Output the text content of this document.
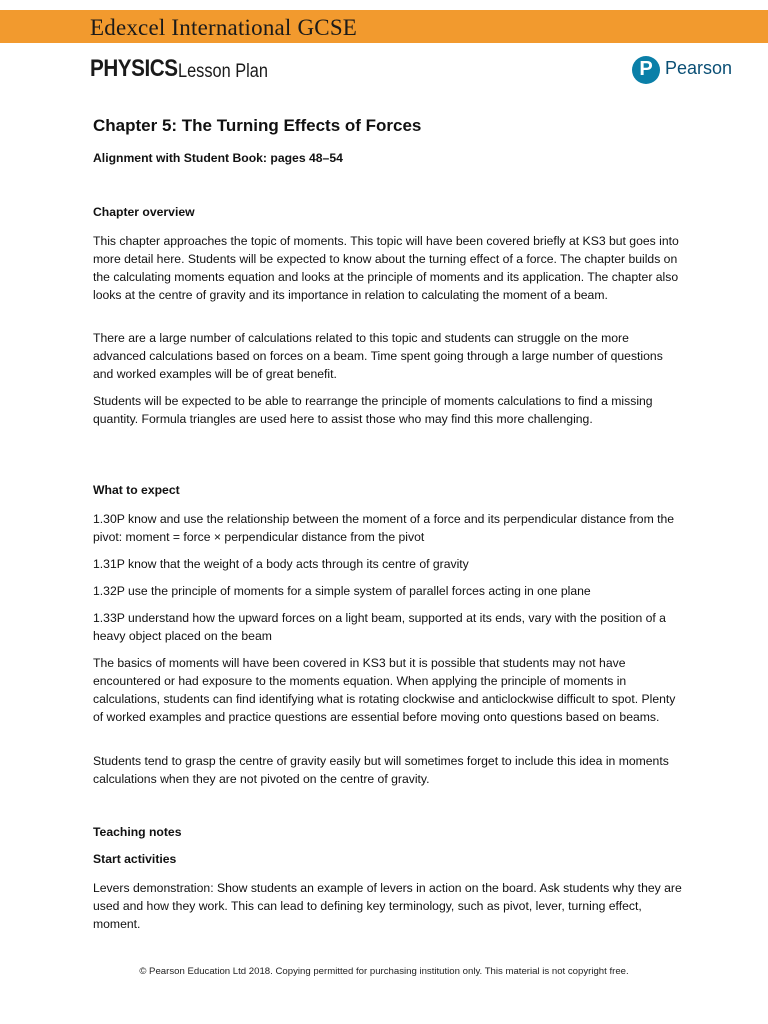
Edexcel International GCSE
PHYSICS Lesson Plan	P Pearson
Chapter 5: The Turning Effects of Forces
Alignment with Student Book: pages 48–54
Chapter overview
This chapter approaches the topic of moments. This topic will have been covered briefly at KS3 but goes into more detail here. Students will be expected to know about the turning effect of a force. The chapter builds on the calculating moments equation and looks at the principle of moments and its application. The chapter also looks at the centre of gravity and its importance in relation to calculating the moment of a beam.
There are a large number of calculations related to this topic and students can struggle on the more advanced calculations based on forces on a beam. Time spent going through a large number of questions and worked examples will be of great benefit.
Students will be expected to be able to rearrange the principle of moments calculations to find a missing quantity. Formula triangles are used here to assist those who may find this more challenging.
What to expect
1.30P know and use the relationship between the moment of a force and its perpendicular distance from the pivot: moment = force × perpendicular distance from the pivot
1.31P know that the weight of a body acts through its centre of gravity
1.32P use the principle of moments for a simple system of parallel forces acting in one plane
1.33P understand how the upward forces on a light beam, supported at its ends, vary with the position of a heavy object placed on the beam
The basics of moments will have been covered in KS3 but it is possible that students may not have encountered or had exposure to the moments equation. When applying the principle of moments in calculations, students can find identifying what is rotating clockwise and anticlockwise difficult to spot. Plenty of worked examples and practice questions are essential before moving onto questions based on beams.
Students tend to grasp the centre of gravity easily but will sometimes forget to include this idea in moments calculations when they are not pivoted on the centre of gravity.
Teaching notes
Start activities
Levers demonstration: Show students an example of levers in action on the board. Ask students why they are used and how they work. This can lead to defining key terminology, such as pivot, lever, turning effect, moment.
© Pearson Education Ltd 2018. Copying permitted for purchasing institution only. This material is not copyright free.
